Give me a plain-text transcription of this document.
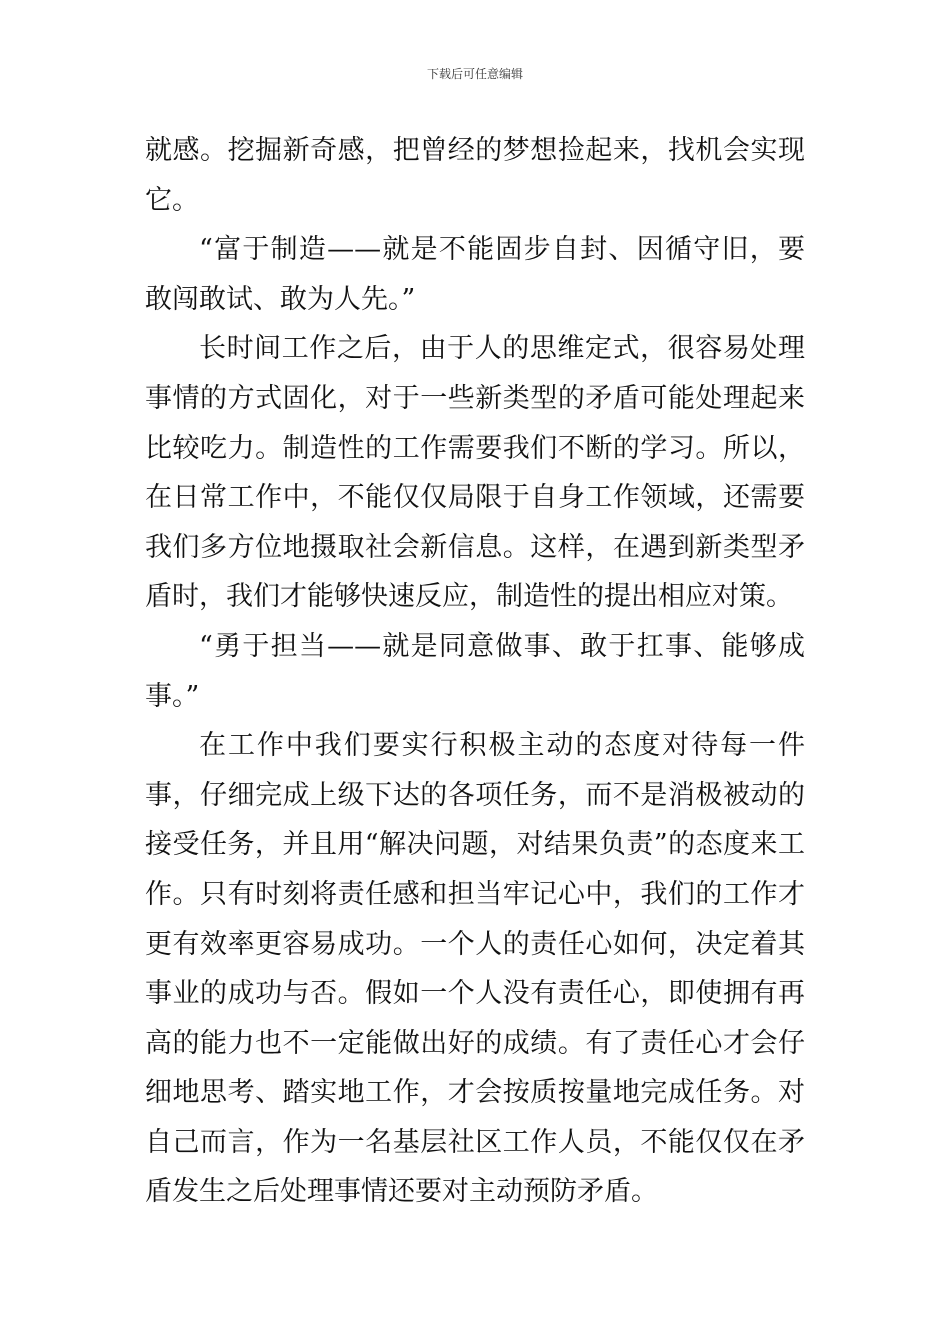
下载后可任意编辑

就感。挖掘新奇感，把曾经的梦想捡起来，找机会实现它。

“富于制造——就是不能固步自封、因循守旧，要敢闯敢试、敢为人先。”

长时间工作之后，由于人的思维定式，很容易处理事情的方式固化，对于一些新类型的矛盾可能处理起来比较吃力。制造性的工作需要我们不断的学习。所以，在日常工作中，不能仅仅局限于自身工作领域，还需要我们多方位地摄取社会新信息。这样，在遇到新类型矛盾时，我们才能够快速反应，制造性的提出相应对策。

“勇于担当——就是同意做事、敢于扛事、能够成事。”

在工作中我们要实行积极主动的态度对待每一件事，仔细完成上级下达的各项任务，而不是消极被动的接受任务，并且用“解决问题，对结果负责”的态度来工作。只有时刻将责任感和担当牢记心中，我们的工作才更有效率更容易成功。一个人的责任心如何，决定着其事业的成功与否。假如一个人没有责任心，即使拥有再高的能力也不一定能做出好的成绩。有了责任心才会仔细地思考、踏实地工作，才会按质按量地完成任务。对自己而言，作为一名基层社区工作人员，不能仅仅在矛盾发生之后处理事情还要对主动预防矛盾。
